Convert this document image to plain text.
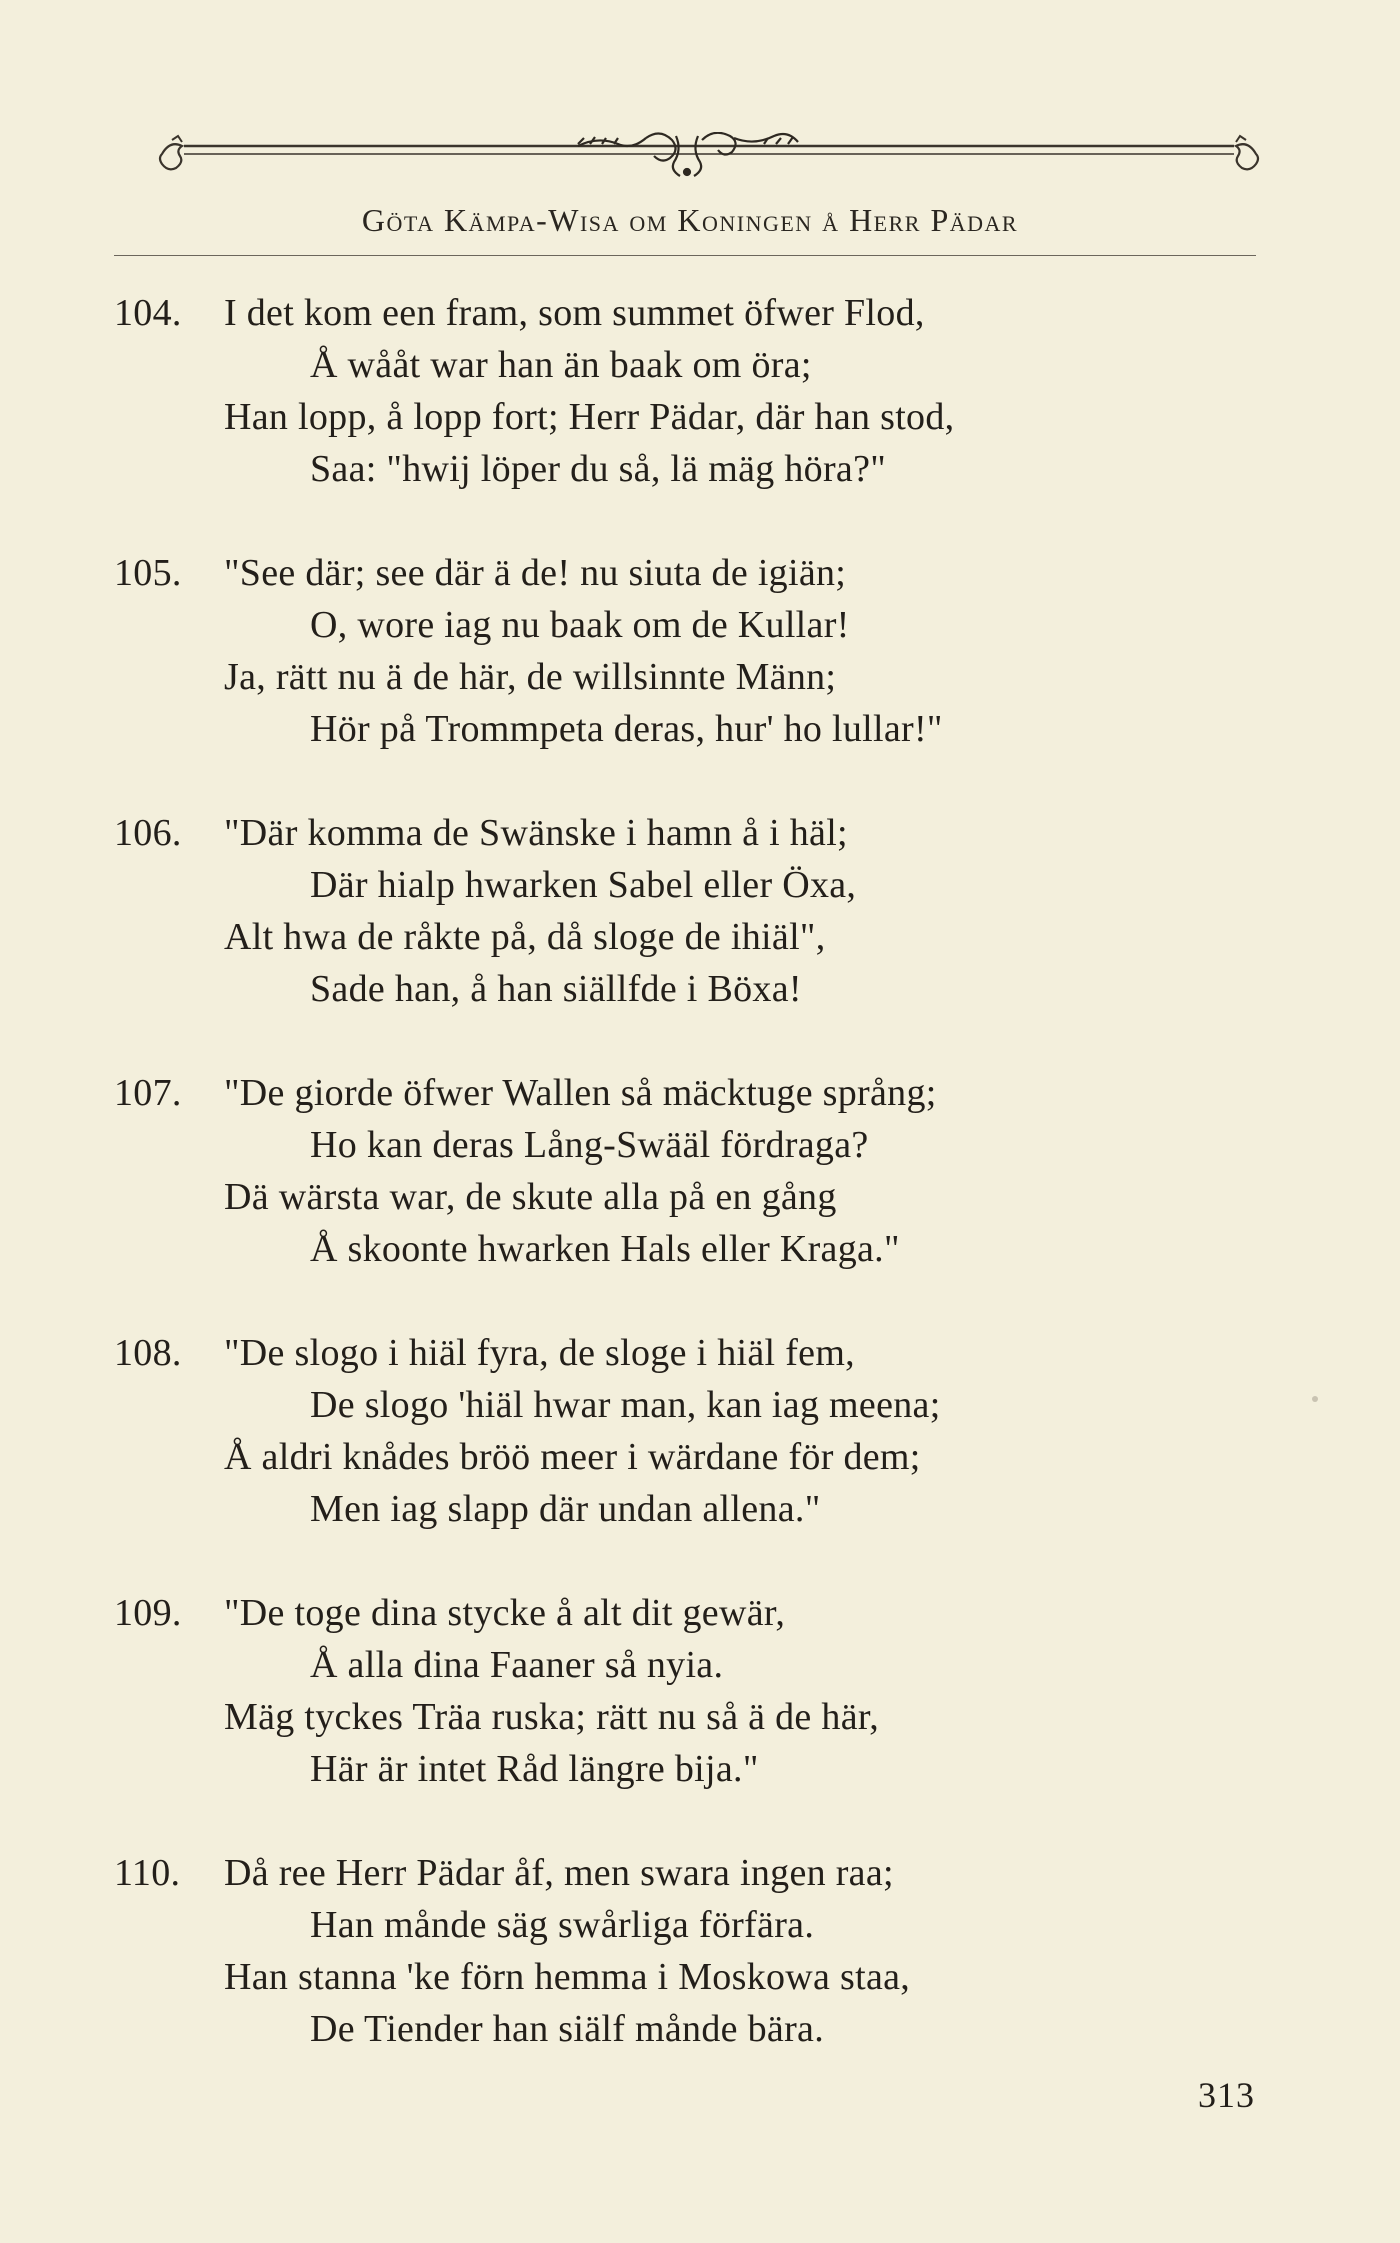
Göta Kämpa-Wisa om Koningen å Herr Pädar
104. I det kom een fram, som summet öfwer Flod,
Å wååt war han än baak om öra;
Han lopp, å lopp fort; Herr Pädar, där han stod,
Saa: "hwij löper du så, lä mäg höra?"
105. "See där; see där ä de! nu siuta de igiän;
O, wore iag nu baak om de Kullar!
Ja, rätt nu ä de här, de willsinnte Männ;
Hör på Trommpeta deras, hur' ho lullar!"
106. "Där komma de Swänske i hamn å i häl;
Där hialp hwarken Sabel eller Öxa,
Alt hwa de råkte på, då sloge de ihiäl",
Sade han, å han siällfde i Böxa!
107. "De giorde öfwer Wallen så mäcktuge språng;
Ho kan deras Lång-Swääl fördraga?
Dä wärsta war, de skute alla på en gång
Å skoonte hwarken Hals eller Kraga."
108. "De slogo i hiäl fyra, de sloge i hiäl fem,
De slogo 'hiäl hwar man, kan iag meena;
Å aldri knådes bröö meer i wärdane för dem;
Men iag slapp där undan allena."
109. "De toge dina stycke å alt dit gewär,
Å alla dina Faaner så nyia.
Mäg tyckes Träa ruska; rätt nu så ä de här,
Här är intet Råd längre bija."
110. Då ree Herr Pädar åf, men swara ingen raa;
Han månde säg swårliga förfära.
Han stanna 'ke förn hemma i Moskowa staa,
De Tiender han siälf månde bära.
313
